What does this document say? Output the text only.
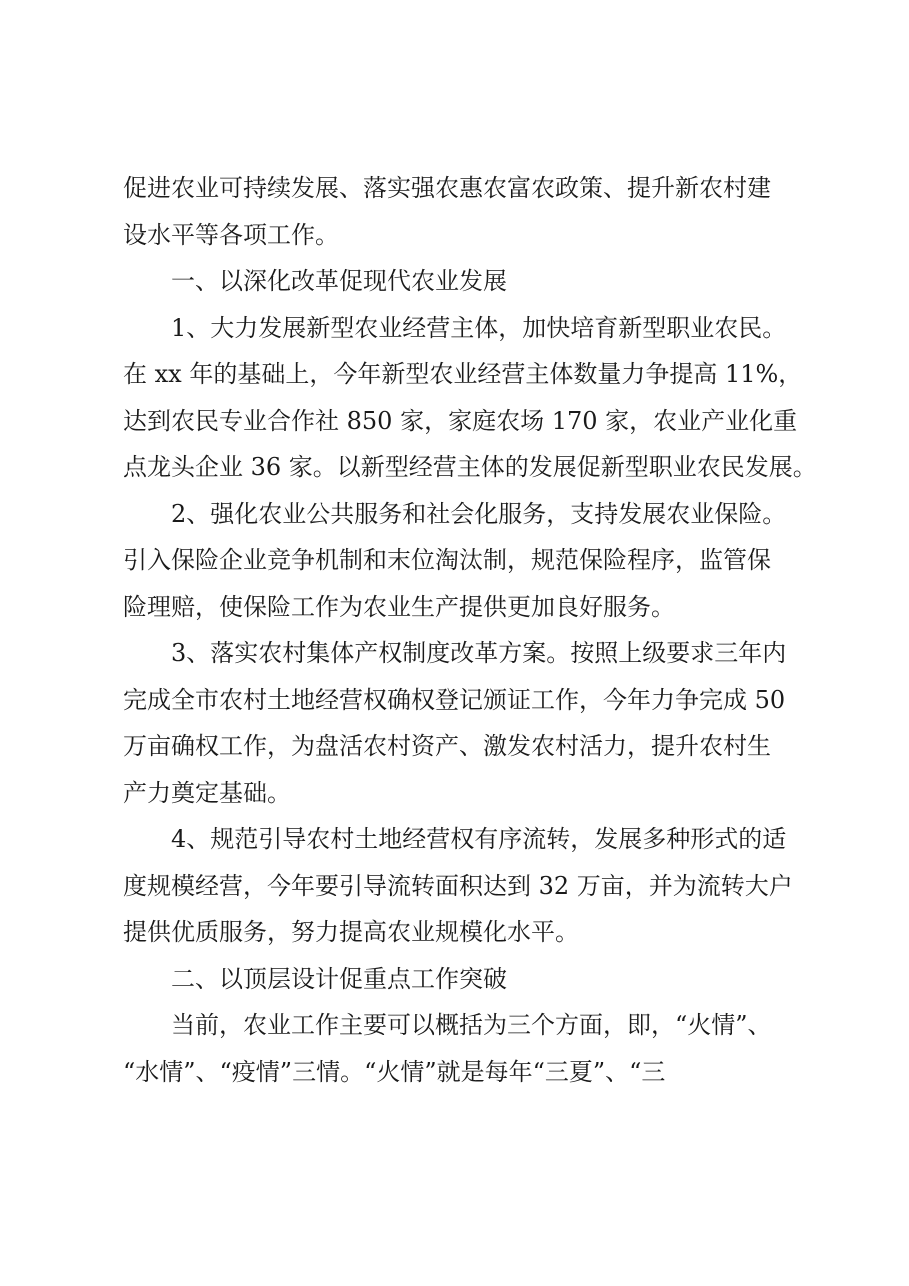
促进农业可持续发展、落实强农惠农富农政策、提升新农村建
设水平等各项工作。
一、以深化改革促现代农业发展
1、大力发展新型农业经营主体，加快培育新型职业农民。
在 xx 年的基础上，今年新型农业经营主体数量力争提高 11%，
达到农民专业合作社 850 家，家庭农场 170 家，农业产业化重
点龙头企业 36 家。以新型经营主体的发展促新型职业农民发展。
2、强化农业公共服务和社会化服务，支持发展农业保险。
引入保险企业竞争机制和末位淘汰制，规范保险程序，监管保
险理赔，使保险工作为农业生产提供更加良好服务。
3、落实农村集体产权制度改革方案。按照上级要求三年内
完成全市农村土地经营权确权登记颁证工作，今年力争完成 50
万亩确权工作，为盘活农村资产、激发农村活力，提升农村生
产力奠定基础。
4、规范引导农村土地经营权有序流转，发展多种形式的适
度规模经营，今年要引导流转面积达到 32 万亩，并为流转大户
提供优质服务，努力提高农业规模化水平。
二、以顶层设计促重点工作突破
当前，农业工作主要可以概括为三个方面，即，“火情”、
“水情”、“疫情”三情。“火情”就是每年“三夏”、“三
